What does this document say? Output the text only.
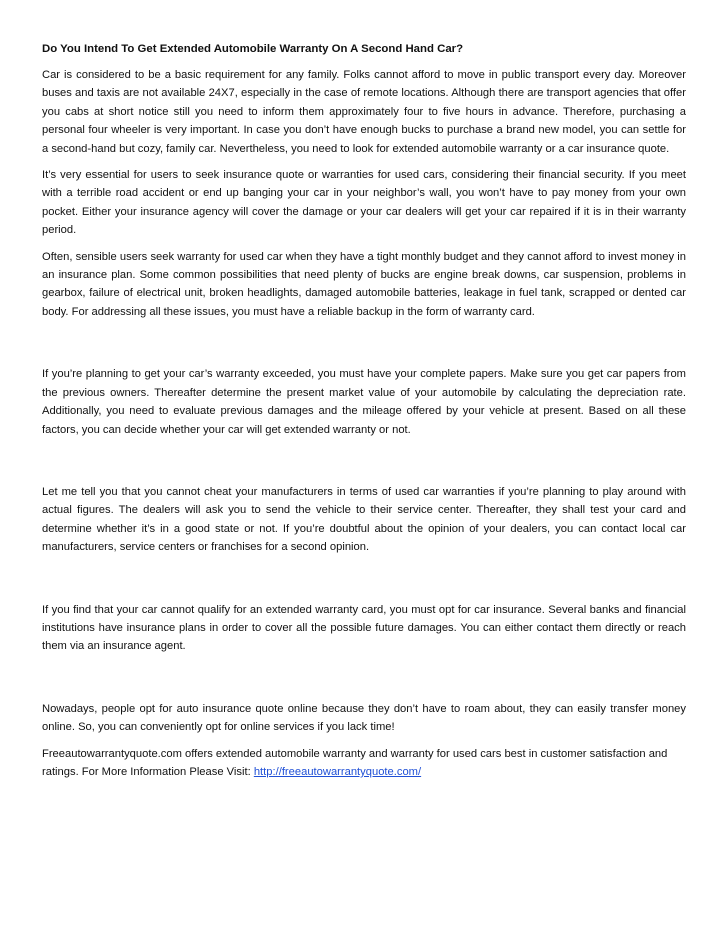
Do You Intend To Get Extended Automobile Warranty On A Second Hand Car?

Car is considered to be a basic requirement for any family. Folks cannot afford to move in public transport every day. Moreover buses and taxis are not available 24X7, especially in the case of remote locations. Although there are transport agencies that offer you cabs at short notice still you need to inform them approximately four to five hours in advance. Therefore, purchasing a personal four wheeler is very important. In case you don’t have enough bucks to purchase a brand new model, you can settle for a second-hand but cozy, family car. Nevertheless, you need to look for extended automobile warranty or a car insurance quote.

It’s very essential for users to seek insurance quote or warranties for used cars, considering their financial security. If you meet with a terrible road accident or end up banging your car in your neighbor’s wall, you won’t have to pay money from your own pocket. Either your insurance agency will cover the damage or your car dealers will get your car repaired if it is in their warranty period.

Often, sensible users seek warranty for used car when they have a tight monthly budget and they cannot afford to invest money in an insurance plan. Some common possibilities that need plenty of bucks are engine break downs, car suspension, problems in gearbox, failure of electrical unit, broken headlights, damaged automobile batteries, leakage in fuel tank, scrapped or dented car body. For addressing all these issues, you must have a reliable backup in the form of warranty card.

If you’re planning to get your car’s warranty exceeded, you must have your complete papers. Make sure you get car papers from the previous owners. Thereafter determine the present market value of your automobile by calculating the depreciation rate. Additionally, you need to evaluate previous damages and the mileage offered by your vehicle at present. Based on all these factors, you can decide whether your car will get extended warranty or not.

Let me tell you that you cannot cheat your manufacturers in terms of used car warranties if you’re planning to play around with actual figures. The dealers will ask you to send the vehicle to their service center. Thereafter, they shall test your card and determine whether it’s in a good state or not. If you’re doubtful about the opinion of your dealers, you can contact local car manufacturers, service centers or franchises for a second opinion.

If you find that your car cannot qualify for an extended warranty card, you must opt for car insurance. Several banks and financial institutions have insurance plans in order to cover all the possible future damages. You can either contact them directly or reach them via an insurance agent.

Nowadays, people opt for auto insurance quote online because they don’t have to roam about, they can easily transfer money online. So, you can conveniently opt for online services if you lack time!

Freeautowarrantyquote.com offers extended automobile warranty and warranty for used cars best in customer satisfaction and ratings. For More Information Please Visit: http://freeautowarrantyquote.com/
